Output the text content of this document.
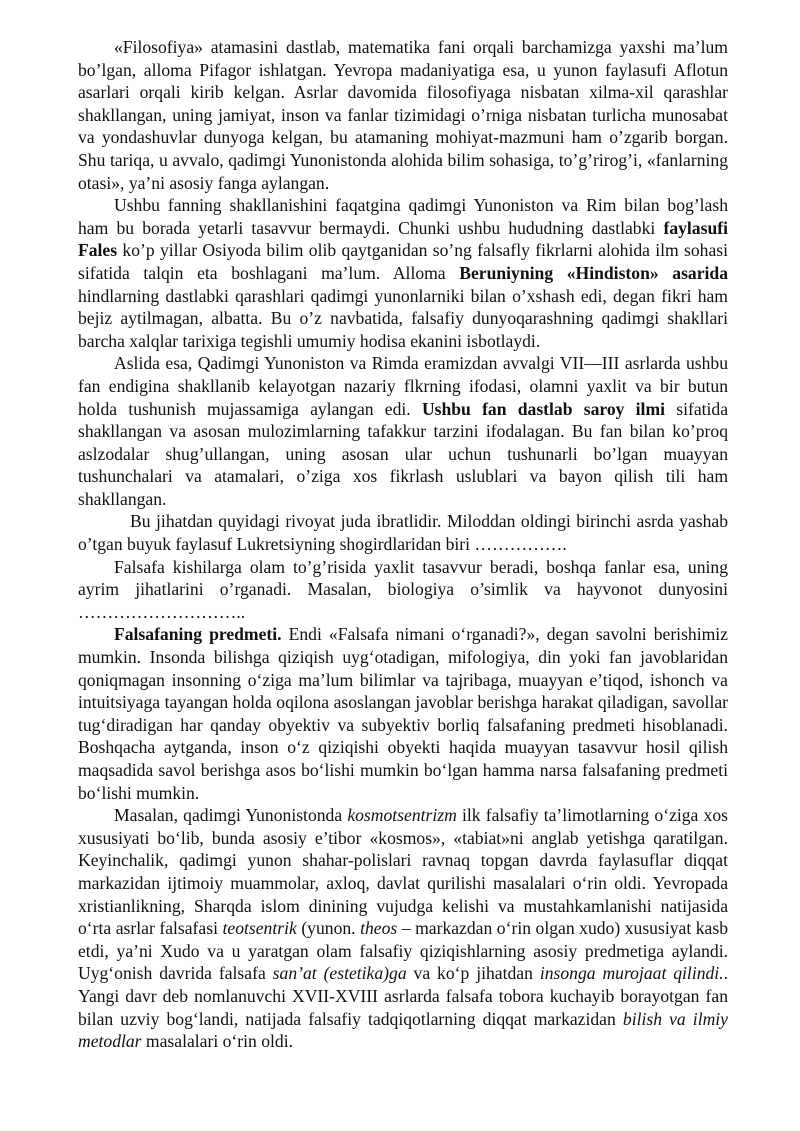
«Filosofiya» atamasini dastlab, matematika fani orqali barchamizga yaxshi ma’lum bo’lgan, alloma Pifagor ishlatgan. Yevropa madaniyatiga esa, u yunon faylasufi Aflotun asarlari orqali kirib kelgan. Asrlar davomida filosofiyaga nisbatan xilma-xil qarashlar shakllangan, uning jamiyat, inson va fanlar tizimidagi o’rniga nisbatan turlicha munosabat va yondashuvlar dunyoga kelgan, bu atamaning mohiyat-mazmuni ham o’zgarib borgan. Shu tariqa, u avvalo, qadimgi Yunonistonda alohida bilim sohasiga, to’g’rirog’i, «fanlarning otasi», ya’ni asosiy fanga aylangan.

Ushbu fanning shakllanishini faqatgina qadimgi Yunoniston va Rim bilan bog’lash ham bu borada yetarli tasavvur bermaydi. Chunki ushbu hududning dastlabki faylasufi Fales ko’p yillar Osiyoda bilim olib qaytganidan so’ng falsafly fikrlarni alohida ilm sohasi sifatida talqin eta boshlagani ma’lum. Alloma Beruniyning «Hindiston» asarida hindlarning dastlabki qarashlari qadimgi yunonlarniki bilan o’xshash edi, degan fikri ham bejiz aytilmagan, albatta. Bu o’z navbatida, falsafiy dunyoqarashning qadimgi shakllari barcha xalqlar tarixiga tegishli umumiy hodisa ekanini isbotlaydi.

Aslida esa, Qadimgi Yunoniston va Rimda eramizdan avvalgi VII—III asrlarda ushbu fan endigina shakllanib kelayotgan nazariy flkrning ifodasi, olamni yaxlit va bir butun holda tushunish mujassamiga aylangan edi. Ushbu fan dastlab saroy ilmi sifatida shakllangan va asosan mulozimlarning tafakkur tarzini ifodalagan. Bu fan bilan ko’proq aslzodalar shug’ullangan, uning asosan ular uchun tushunarli bo’lgan muayyan tushunchalari va atamalari, o’ziga xos fikrlash uslublari va bayon qilish tili ham shakllangan.

Bu jihatdan quyidagi rivoyat juda ibratlidir. Miloddan oldingi birinchi asrda yashab o’tgan buyuk faylasuf Lukretsiyning shogirdlaridan biri …………….

Falsafa kishilarga olam to’g’risida yaxlit tasavvur beradi, boshqa fanlar esa, uning ayrim jihatlarini o’rganadi. Masalan, biologiya o’simlik va hayvonot dunyosini ………………………..

Falsafaning predmeti. Endi «Falsafa nimani o‘rganadi?», degan savolni berishimiz mumkin. Insonda bilishga qiziqish uyg‘otadigan, mifologiya, din yoki fan javoblaridan qoniqmagan insonning o‘ziga ma’lum bilimlar va tajribaga, muayyan e’tiqod, ishonch va intuitsiyaga tayangan holda oqilona asoslangan javoblar berishga harakat qiladigan, savollar tug‘diradigan har qanday obyektiv va subyektiv borliq falsafaning predmeti hisoblanadi. Boshqacha aytganda, inson o‘z qiziqishi obyekti haqida muayyan tasavvur hosil qilish maqsadida savol berishga asos bo‘lishi mumkin bo‘lgan hamma narsa falsafaning predmeti bo‘lishi mumkin.

Masalan, qadimgi Yunonistonda kosmotsentrizm ilk falsafiy ta’limotlarning o‘ziga xos xususiyati bo‘lib, bunda asosiy e’tibor «kosmos», «tabiat»ni anglab yetishga qaratilgan. Keyinchalik, qadimgi yunon shahar-polislari ravnaq topgan davrda faylasuflar diqqat markazidan ijtimoiy muammolar, axloq, davlat qurilishi masalalari o‘rin oldi. Yevropada xristianlikning, Sharqda islom dinining vujudga kelishi va mustahkamlanishi natijasida o‘rta asrlar falsafasi teotsentrik (yunon. theos – markazdan o‘rin olgan xudo) xususiyat kasb etdi, ya’ni Xudo va u yaratgan olam falsafiy qiziqishlarning asosiy predmetiga aylandi. Uyg‘onish davrida falsafa san’at (estetika)ga va ko‘p jihatdan insonga murojaat qilindi.. Yangi davr deb nomlanuvchi XVII-XVIII asrlarda falsafa tobora kuchayib borayotgan fan bilan uzviy bog‘landi, natijada falsafiy tadqiqotlarning diqqat markazidan bilish va ilmiy metodlar masalalari o‘rin oldi.
